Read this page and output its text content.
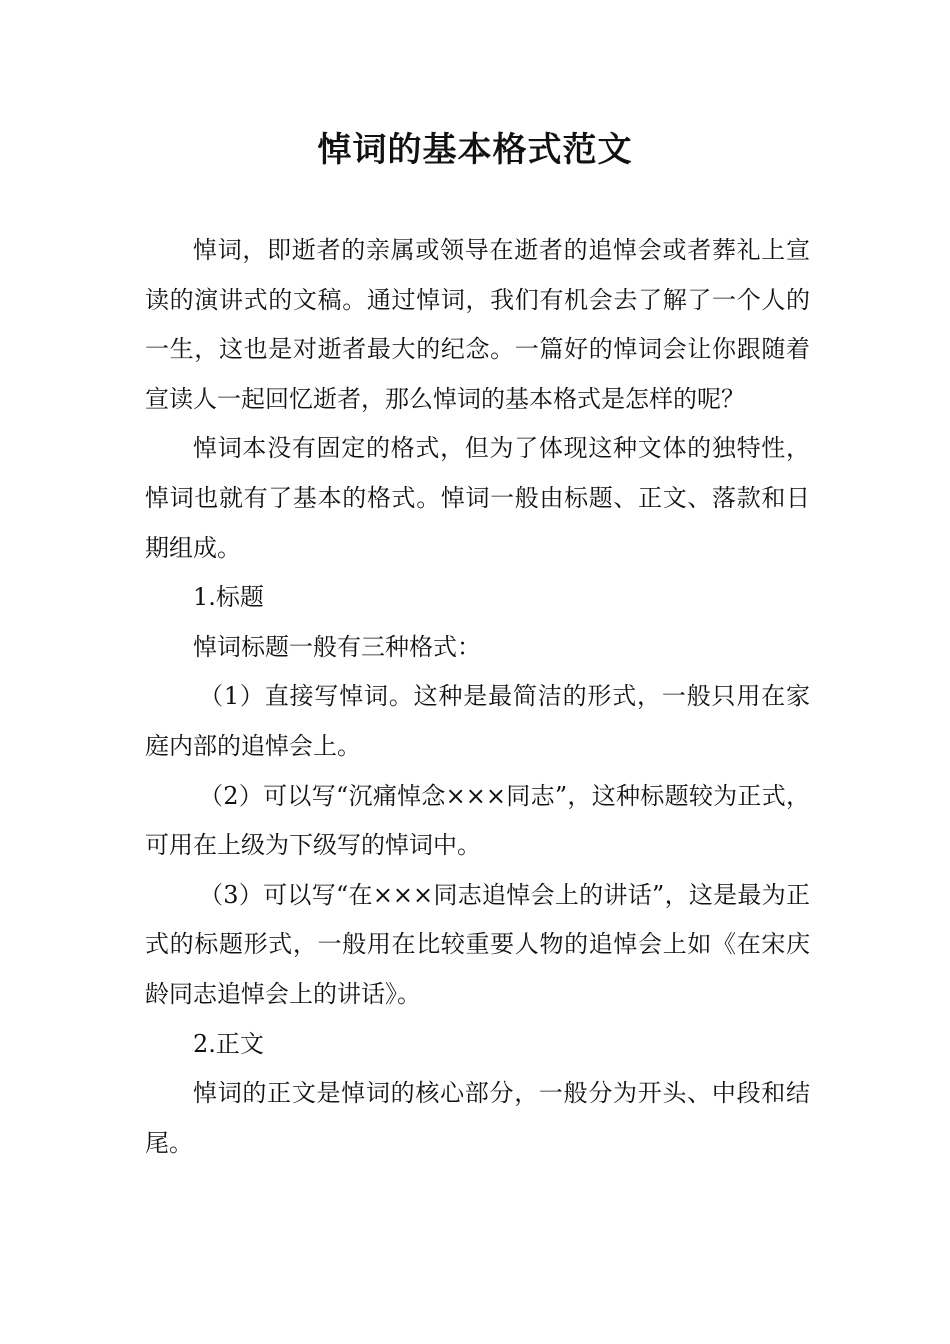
悼词的基本格式范文

悼词，即逝者的亲属或领导在逝者的追悼会或者葬礼上宣读的演讲式的文稿。通过悼词，我们有机会去了解了一个人的一生，这也是对逝者最大的纪念。一篇好的悼词会让你跟随着宣读人一起回忆逝者，那么悼词的基本格式是怎样的呢？

悼词本没有固定的格式，但为了体现这种文体的独特性，悼词也就有了基本的格式。悼词一般由标题、正文、落款和日期组成。

1.标题

悼词标题一般有三种格式：

（1）直接写悼词。这种是最简洁的形式，一般只用在家庭内部的追悼会上。

（2）可以写“沉痛悼念×××同志”，这种标题较为正式，可用在上级为下级写的悼词中。

（3）可以写“在×××同志追悼会上的讲话”，这是最为正式的标题形式，一般用在比较重要人物的追悼会上如《在宋庆龄同志追悼会上的讲话》。

2.正文

悼词的正文是悼词的核心部分，一般分为开头、中段和结尾。
